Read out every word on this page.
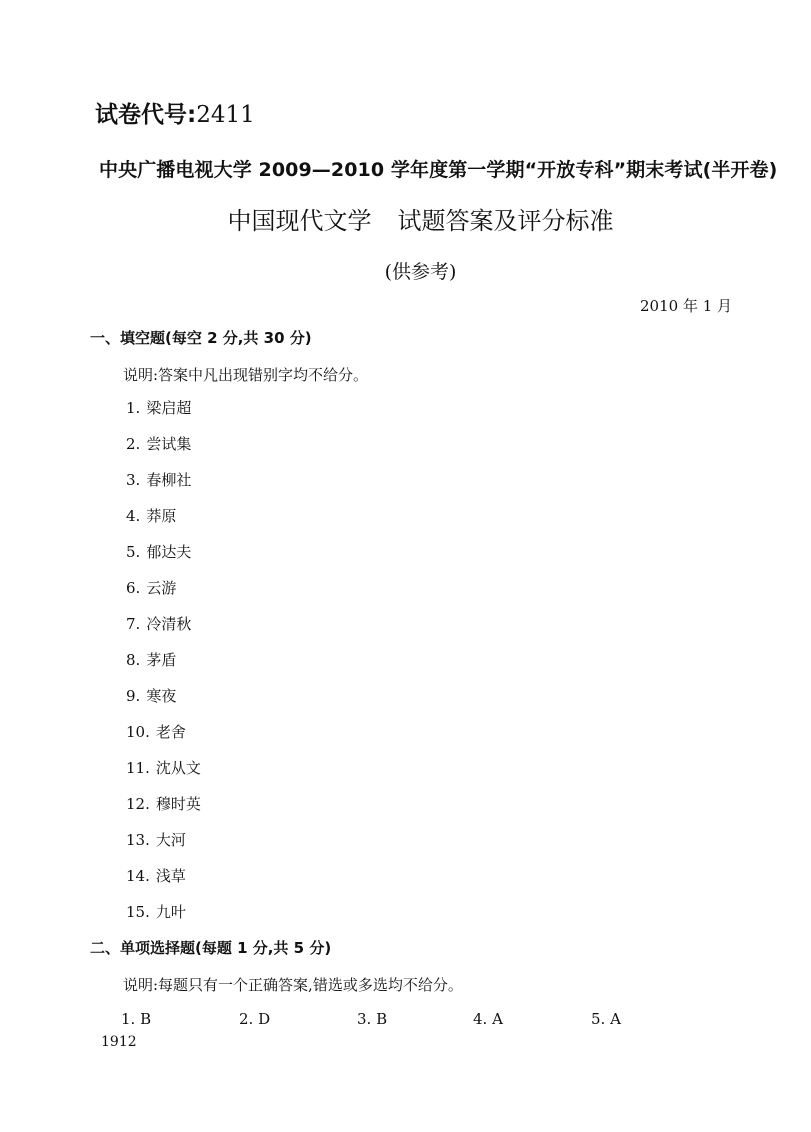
试卷代号:2411
中央广播电视大学 2009—2010 学年度第一学期“开放专科”期末考试(半开卷)
中国现代文学 试题答案及评分标准
(供参考)
2010 年 1 月
一、填空题(每空 2 分,共 30 分)
说明:答案中凡出现错别字均不给分。
1. 梁启超
2. 尝试集
3. 春柳社
4. 莽原
5. 郁达夫
6. 云游
7. 冷清秋
8. 茅盾
9. 寒夜
10. 老舍
11. 沈从文
12. 穆时英
13. 大河
14. 浅草
15. 九叶
二、单项选择题(每题 1 分,共 5 分)
说明:每题只有一个正确答案,错选或多选均不给分。
1. B	2. D	3. B	4. A	5. A
1912
